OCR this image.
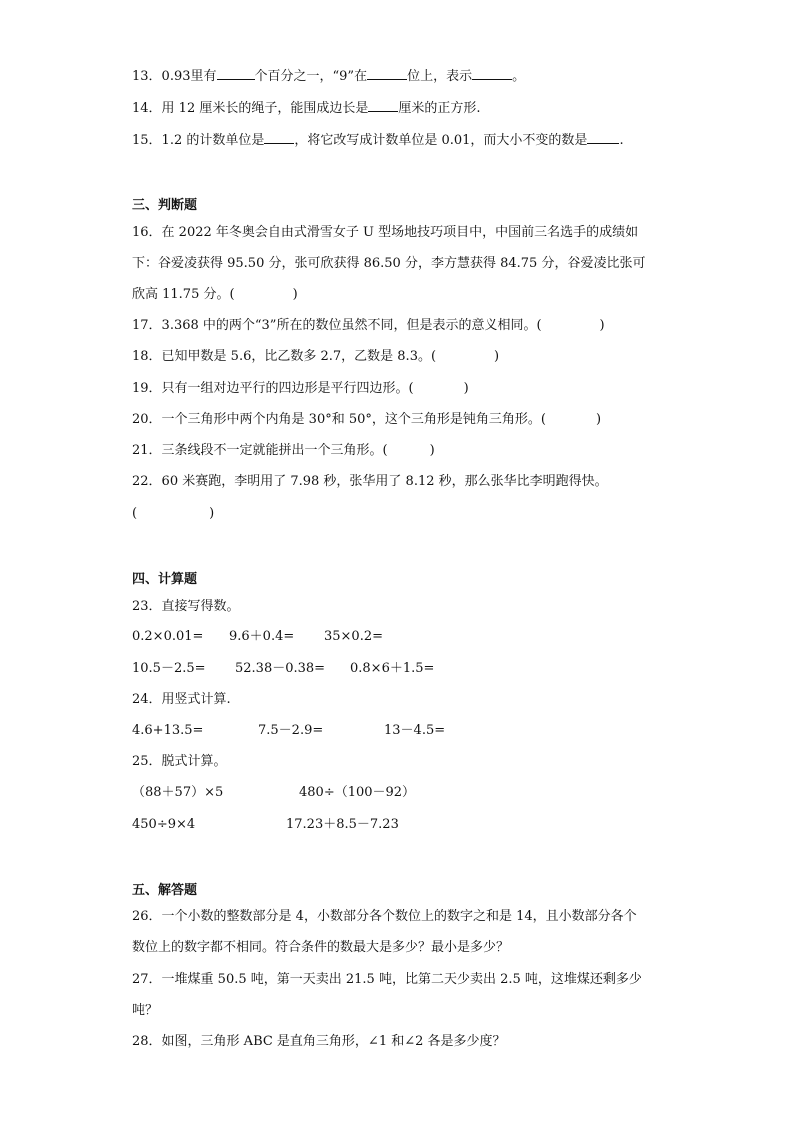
13．0.93里有	个百分之一，“9”在	位上，表示	。
14．用 12 厘米长的绳子，能围成边长是 厘米的正方形.
15．1.2 的计数单位是 ，将它改写成计数单位是 0.01，而大小不变的数是 .
三、判断题
16．在 2022 年冬奥会自由式滑雪女子 U 型场地技巧项目中，中国前三名选手的成绩如
下：谷爱凌获得 95.50 分，张可欣获得 86.50 分，李方慧获得 84.75 分，谷爱凌比张可
欣高 11.75 分。(	)
17．3.368 中的两个“3”所在的数位虽然不同，但是表示的意义相同。(	)
18．已知甲数是 5.6，比乙数多 2.7，乙数是 8.3。(	)
19．只有一组对边平行的四边形是平行四边形。(	)
20．一个三角形中两个内角是 30°和 50°，这个三角形是钝角三角形。(	)
21．三条线段不一定就能拼出一个三角形。(	)
22．60 米赛跑，李明用了 7.98 秒，张华用了 8.12 秒，那么张华比李明跑得快。
(	)
四、计算题
23．直接写得数。
0.2×0.01= 9.6＋0.4= 35×0.2=
10.5－2.5= 52.38－0.38= 0.8×6＋1.5=
24．用竖式计算.
4.6+13.5=	7.5－2.9=	13－4.5=
25．脱式计算。
（88＋57）×5	480÷（100－92）
450÷9×4	17.23＋8.5－7.23
五、解答题
26．一个小数的整数部分是 4，小数部分各个数位上的数字之和是 14，且小数部分各个
数位上的数字都不相同。符合条件的数最大是多少？最小是多少？
27．一堆煤重 50.5 吨，第一天卖出 21.5 吨，比第二天少卖出 2.5 吨，这堆煤还剩多少
吨？
28．如图，三角形 ABC 是直角三角形，∠1 和∠2 各是多少度？
